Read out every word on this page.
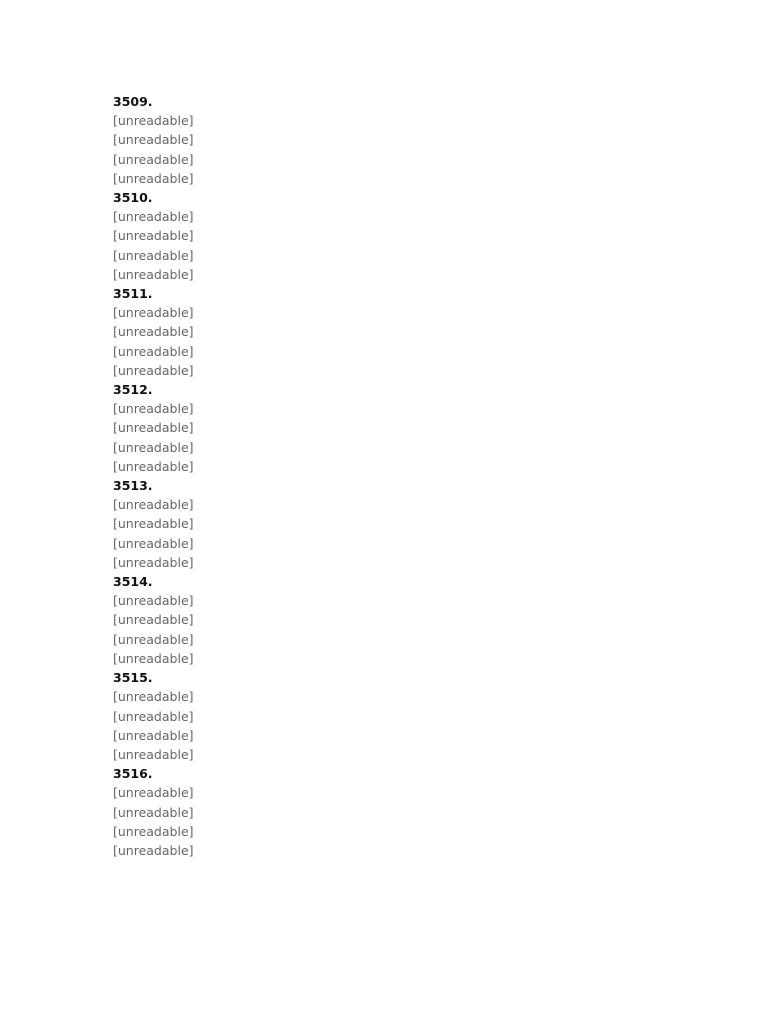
3509.
[unreadable]
[unreadable]
[unreadable]
[unreadable]
3510.
[unreadable]
[unreadable]
[unreadable]
[unreadable]
3511.
[unreadable]
[unreadable]
[unreadable]
[unreadable]
3512.
[unreadable]
[unreadable]
[unreadable]
[unreadable]
3513.
[unreadable]
[unreadable]
[unreadable]
[unreadable]
3514.
[unreadable]
[unreadable]
[unreadable]
[unreadable]
3515.
[unreadable]
[unreadable]
[unreadable]
[unreadable]
3516.
[unreadable]
[unreadable]
[unreadable]
[unreadable]
